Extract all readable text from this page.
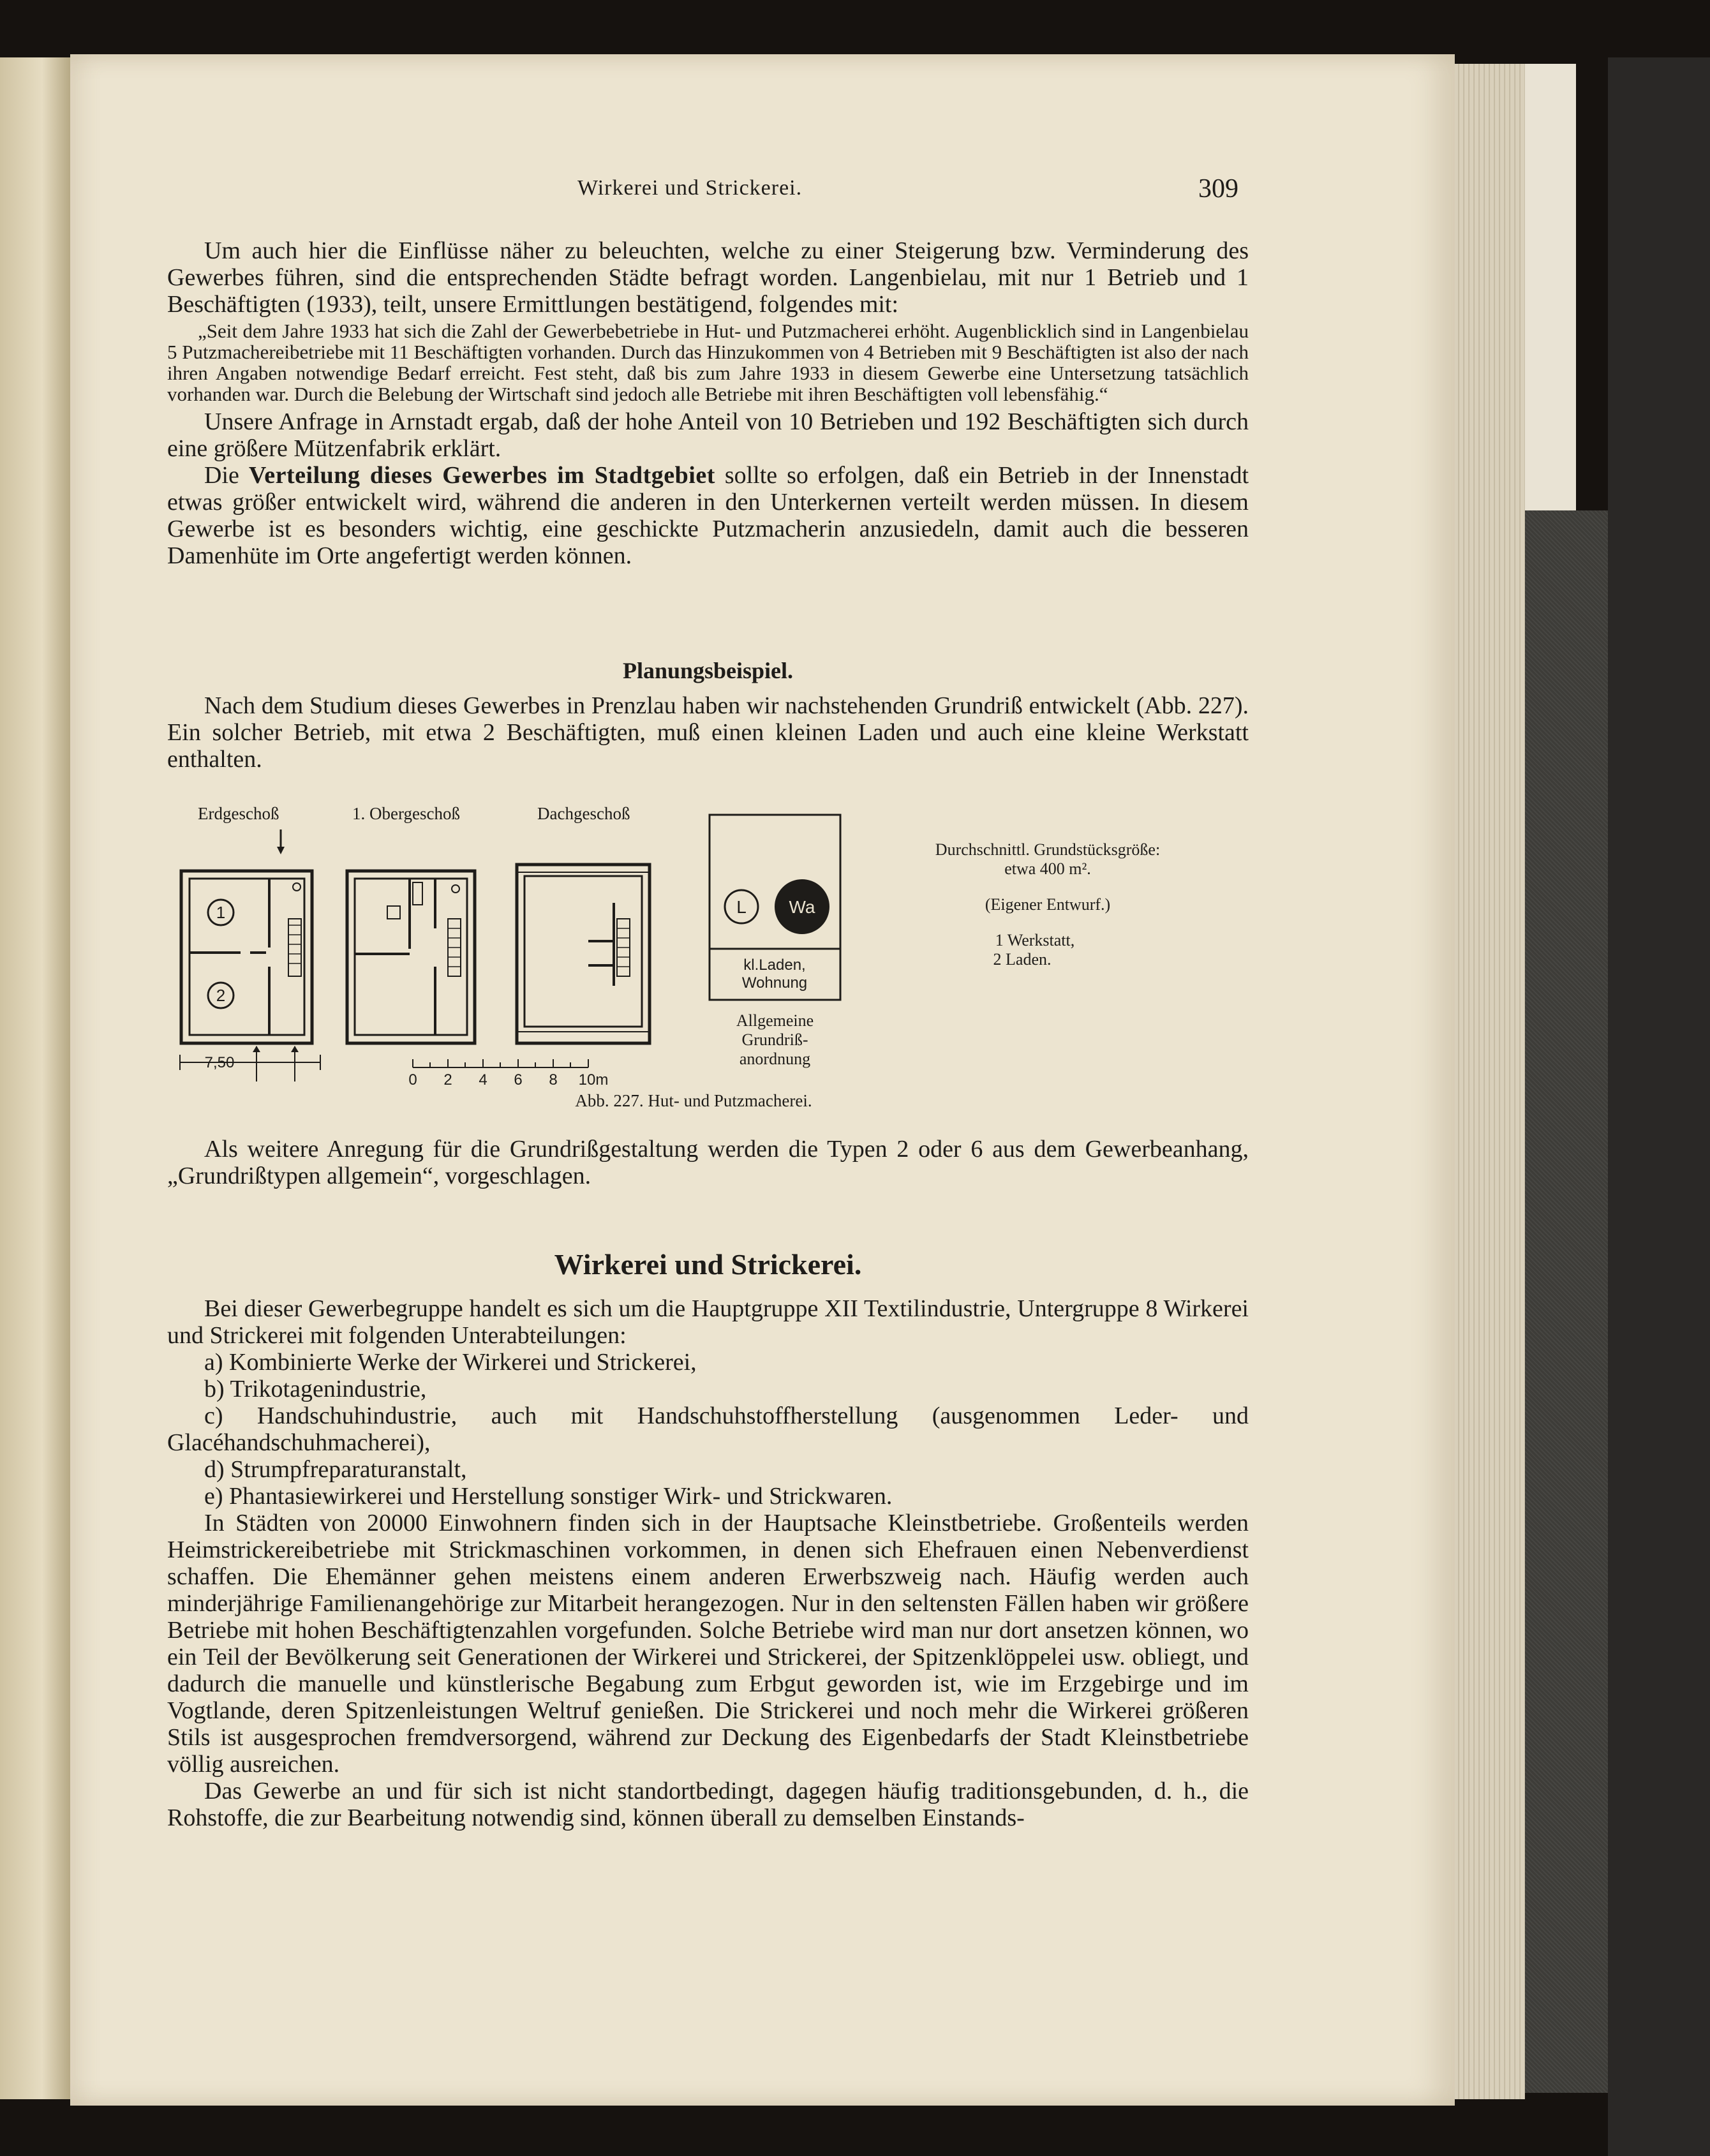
Wirkerei und Strickerei.	309

Um auch hier die Einflüsse näher zu beleuchten, welche zu einer Steigerung bzw. Verminderung des Gewerbes führen, sind die entsprechenden Städte befragt worden. Langenbielau, mit nur 1 Betrieb und 1 Beschäftigten (1933), teilt, unsere Ermittlungen bestätigend, folgendes mit:

„Seit dem Jahre 1933 hat sich die Zahl der Gewerbebetriebe in Hut- und Putzmacherei erhöht. Augenblicklich sind in Langenbielau 5 Putzmachereibetriebe mit 11 Beschäftigten vorhanden. Durch das Hinzukommen von 4 Betrieben mit 9 Beschäftigten ist also der nach ihren Angaben notwendige Bedarf erreicht. Fest steht, daß bis zum Jahre 1933 in diesem Gewerbe eine Untersetzung tatsächlich vorhanden war. Durch die Belebung der Wirtschaft sind jedoch alle Betriebe mit ihren Beschäftigten voll lebensfähig.“

Unsere Anfrage in Arnstadt ergab, daß der hohe Anteil von 10 Betrieben und 192 Beschäftigten sich durch eine größere Mützenfabrik erklärt.

Die Verteilung dieses Gewerbes im Stadtgebiet sollte so erfolgen, daß ein Betrieb in der Innenstadt etwas größer entwickelt wird, während die anderen in den Unterkernen verteilt werden müssen. In diesem Gewerbe ist es besonders wichtig, eine geschickte Putzmacherin anzusiedeln, damit auch die besseren Damenhüte im Orte angefertigt werden können.

Planungsbeispiel.

Nach dem Studium dieses Gewerbes in Prenzlau haben wir nachstehenden Grundriß entwickelt (Abb. 227). Ein solcher Betrieb, mit etwa 2 Beschäftigten, muß einen kleinen Laden und auch eine kleine Werkstatt enthalten.

Erdgeschoß	1. Obergeschoß	Dachgeschoß
1
2
7,50
0 2 4 6 8 10m
L Wa
kl.Laden,
Wohnung
Allgemeine
Grundriß-
anordnung
Durchschnittl. Grundstücksgröße:
etwa 400 m².
(Eigener Entwurf.)
1 Werkstatt,
2 Laden.
Abb. 227. Hut- und Putzmacherei.

Als weitere Anregung für die Grundrißgestaltung werden die Typen 2 oder 6 aus dem Gewerbeanhang, „Grundrißtypen allgemein“, vorgeschlagen.

Wirkerei und Strickerei.

Bei dieser Gewerbegruppe handelt es sich um die Hauptgruppe XII Textilindustrie, Untergruppe 8 Wirkerei und Strickerei mit folgenden Unterabteilungen:

a) Kombinierte Werke der Wirkerei und Strickerei,

b) Trikotagenindustrie,

c) Handschuhindustrie, auch mit Handschuhstoffherstellung (ausgenommen Leder- und Glacéhandschuhmacherei),

d) Strumpfreparaturanstalt,

e) Phantasiewirkerei und Herstellung sonstiger Wirk- und Strickwaren.

In Städten von 20000 Einwohnern finden sich in der Hauptsache Kleinstbetriebe. Großenteils werden Heimstrickereibetriebe mit Strickmaschinen vorkommen, in denen sich Ehefrauen einen Nebenverdienst schaffen. Die Ehemänner gehen meistens einem anderen Erwerbszweig nach. Häufig werden auch minderjährige Familienangehörige zur Mitarbeit herangezogen. Nur in den seltensten Fällen haben wir größere Betriebe mit hohen Beschäftigtenzahlen vorgefunden. Solche Betriebe wird man nur dort ansetzen können, wo ein Teil der Bevölkerung seit Generationen der Wirkerei und Strickerei, der Spitzenklöppelei usw. obliegt, und dadurch die manuelle und künstlerische Begabung zum Erbgut geworden ist, wie im Erzgebirge und im Vogtlande, deren Spitzenleistungen Weltruf genießen. Die Strickerei und noch mehr die Wirkerei größeren Stils ist ausgesprochen fremdversorgend, während zur Deckung des Eigenbedarfs der Stadt Kleinstbetriebe völlig ausreichen.

Das Gewerbe an und für sich ist nicht standortbedingt, dagegen häufig traditionsgebunden, d. h., die Rohstoffe, die zur Bearbeitung notwendig sind, können überall zu demselben Einstands-
